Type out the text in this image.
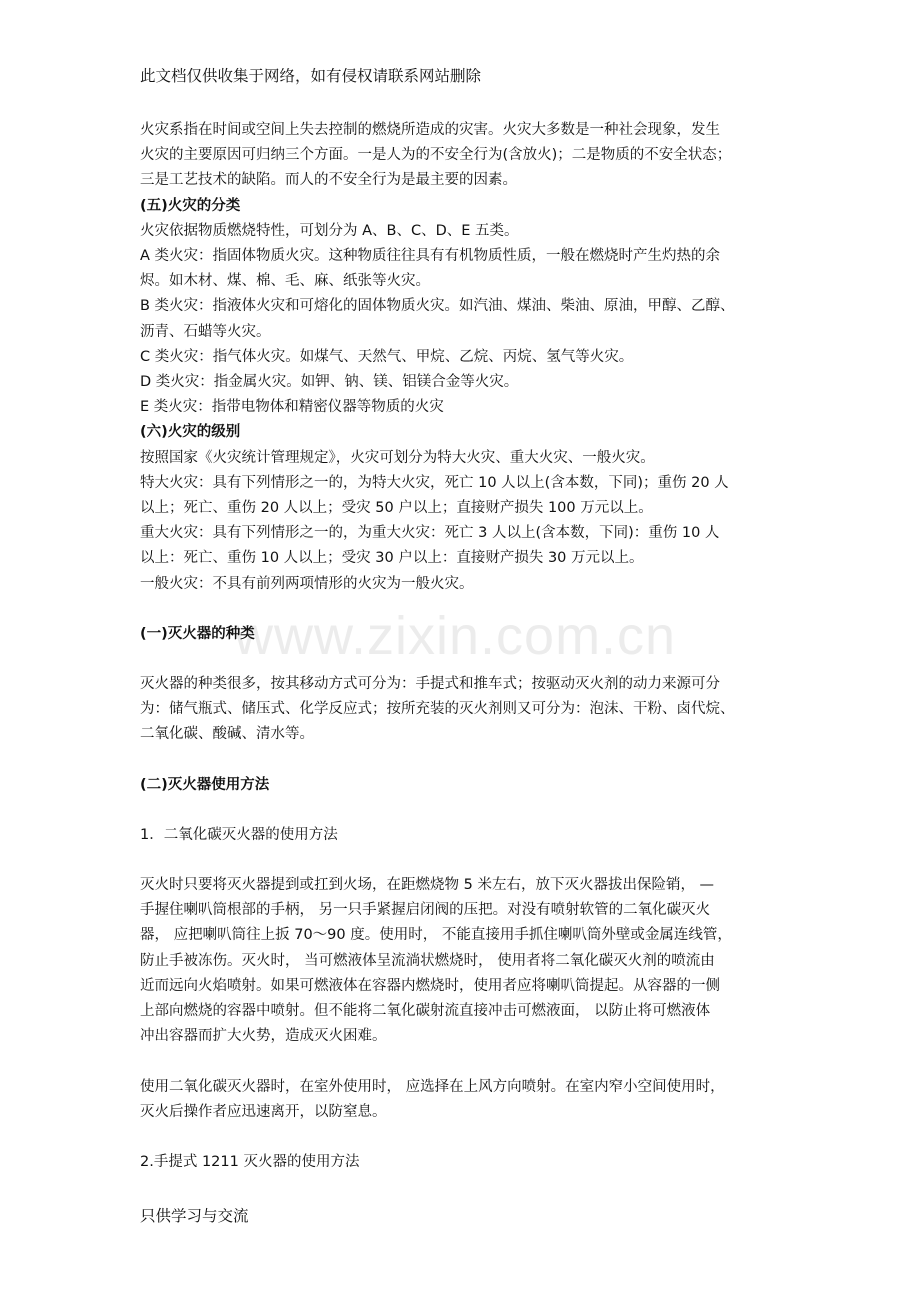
此文档仅供收集于网络，如有侵权请联系网站删除
www.zixin.com.cn

火灾系指在时间或空间上失去控制的燃烧所造成的灾害。火灾大多数是一种社会现象，发生

火灾的主要原因可归纳三个方面。一是人为的不安全行为(含放火)；二是物质的不安全状态；

三是工艺技术的缺陷。而人的不安全行为是最主要的因素。

(五)火灾的分类

火灾依据物质燃烧特性，可划分为 A、B、C、D、E 五类。

A 类火灾：指固体物质火灾。这种物质往往具有有机物质性质，一般在燃烧时产生灼热的余

烬。如木材、煤、棉、毛、麻、纸张等火灾。

B 类火灾：指液体火灾和可熔化的固体物质火灾。如汽油、煤油、柴油、原油，甲醇、乙醇、

沥青、石蜡等火灾。

C 类火灾：指气体火灾。如煤气、天然气、甲烷、乙烷、丙烷、氢气等火灾。

D 类火灾：指金属火灾。如钾、钠、镁、铝镁合金等火灾。

E 类火灾：指带电物体和精密仪器等物质的火灾

(六)火灾的级别

按照国家《火灾统计管理规定》，火灾可划分为特大火灾、重大火灾、一般火灾。

特大火灾：具有下列情形之一的，为特大火灾，死亡 10 人以上(含本数，下同)；重伤 20 人

以上；死亡、重伤 20 人以上；受灾 50 户以上；直接财产损失 100 万元以上。

重大火灾：具有下列情形之一的，为重大火灾：死亡 3 人以上(含本数，下同)：重伤 10 人

以上：死亡、重伤 10 人以上；受灾 30 户以上：直接财产损失 30 万元以上。

一般火灾：不具有前列两项情形的火灾为一般火灾。

(一)灭火器的种类

灭火器的种类很多，按其移动方式可分为：手提式和推车式；按驱动灭火剂的动力来源可分

为：储气瓶式、储压式、化学反应式；按所充装的灭火剂则又可分为：泡沫、干粉、卤代烷、

二氧化碳、酸碱、清水等。

(二)灭火器使用方法

1．二氧化碳灭火器的使用方法

灭火时只要将灭火器提到或扛到火场，在距燃烧物 5 米左右，放下灭火器拔出保险销， —

手握住喇叭筒根部的手柄， 另一只手紧握启闭阀的压把。对没有喷射软管的二氧化碳灭火

器， 应把喇叭筒往上扳 70～90 度。使用时， 不能直接用手抓住喇叭筒外壁或金属连线管，

防止手被冻伤。灭火时， 当可燃液体呈流淌状燃烧时， 使用者将二氧化碳灭火剂的喷流由

近而远向火焰喷射。如果可燃液体在容器内燃烧时，使用者应将喇叭筒提起。从容器的一侧

上部向燃烧的容器中喷射。但不能将二氧化碳射流直接冲击可燃液面， 以防止将可燃液体

冲出容器而扩大火势，造成灭火困难。

使用二氧化碳灭火器时，在室外使用时， 应选择在上风方向喷射。在室内窄小空间使用时，

灭火后操作者应迅速离开，以防窒息。

2.手提式 1211 灭火器的使用方法

只供学习与交流
